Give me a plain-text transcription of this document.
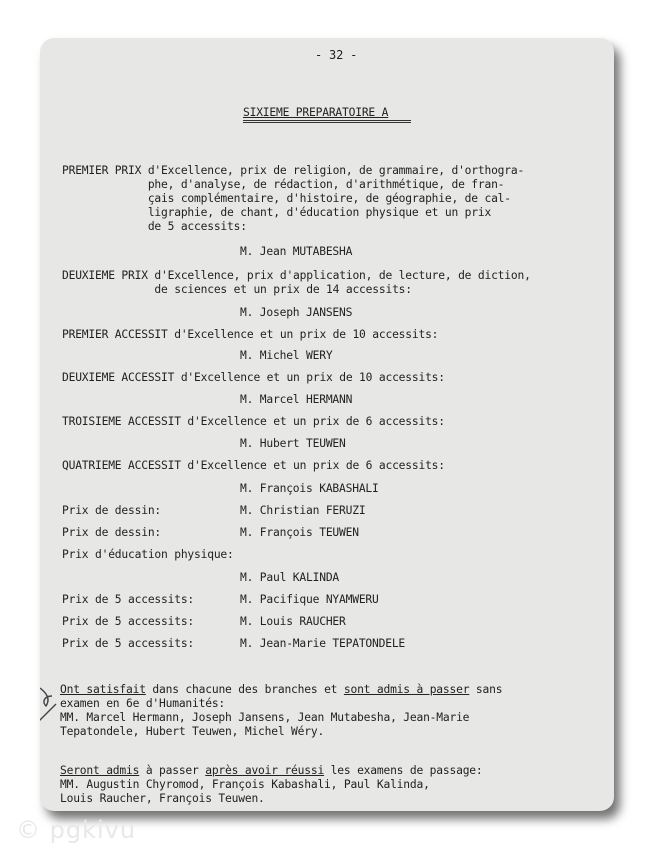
- 32 -
SIXIEME PREPARATOIRE A
PREMIER PRIX d'Excellence, prix de religion, de grammaire, d'orthogra-
phe, d'analyse, de rédaction, d'arithmétique, de fran-
çais complémentaire, d'histoire, de géographie, de cal-
ligraphie, de chant, d'éducation physique et un prix
de 5 accessits:
M. Jean MUTABESHA
DEUXIEME PRIX d'Excellence, prix d'application, de lecture, de diction,
de sciences et un prix de 14 accessits:
M. Joseph JANSENS
PREMIER ACCESSIT d'Excellence et un prix de 10 accessits:
M. Michel WERY
DEUXIEME ACCESSIT d'Excellence et un prix de 10 accessits:
M. Marcel HERMANN
TROISIEME ACCESSIT d'Excellence et un prix de 6 accessits:
M. Hubert TEUWEN
QUATRIEME ACCESSIT d'Excellence et un prix de 6 accessits:
M. François KABASHALI
Prix de dessin:	M. Christian FERUZI
Prix de dessin:	M. François TEUWEN
Prix d'éducation physique:
M. Paul KALINDA
Prix de 5 accessits:	M. Pacifique NYAMWERU
Prix de 5 accessits:	M. Louis RAUCHER
Prix de 5 accessits:	M. Jean-Marie TEPATONDELE
Ont satisfait dans chacune des branches et sont admis à passer sans
examen en 6e d'Humanités:
MM. Marcel Hermann, Joseph Jansens, Jean Mutabesha, Jean-Marie
Tepatondele, Hubert Teuwen, Michel Wéry.
Seront admis à passer après avoir réussi les examens de passage:
MM. Augustin Chyromod, François Kabashali, Paul Kalinda,
Louis Raucher, François Teuwen.
© pgkivu
